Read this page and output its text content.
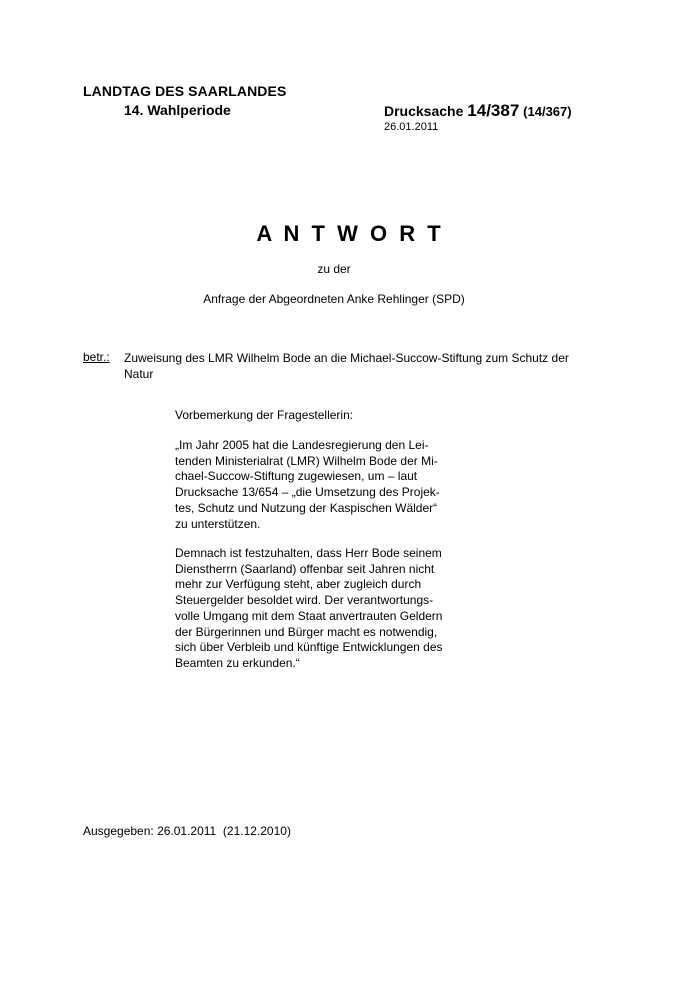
LANDTAG DES SAARLANDES
14. Wahlperiode	Drucksache 14/387 (14/367)
26.01.2011
A N T W O R T
zu der
Anfrage der Abgeordneten Anke Rehlinger (SPD)
betr.: Zuweisung des LMR Wilhelm Bode an die Michael-Succow-Stiftung zum Schutz der
Natur
Vorbemerkung der Fragestellerin:
„Im Jahr 2005 hat die Landesregierung den Lei-
tenden Ministerialrat (LMR) Wilhelm Bode der Mi-
chael-Succow-Stiftung zugewiesen, um – laut
Drucksache 13/654 – „die Umsetzung des Projek-
tes, Schutz und Nutzung der Kaspischen Wälder“
zu unterstützen.
Demnach ist festzuhalten, dass Herr Bode seinem
Dienstherrn (Saarland) offenbar seit Jahren nicht
mehr zur Verfügung steht, aber zugleich durch
Steuergelder besoldet wird. Der verantwortungs-
volle Umgang mit dem Staat anvertrauten Geldern
der Bürgerinnen und Bürger macht es notwendig,
sich über Verbleib und künftige Entwicklungen des
Beamten zu erkunden.“
Ausgegeben: 26.01.2011  (21.12.2010)
